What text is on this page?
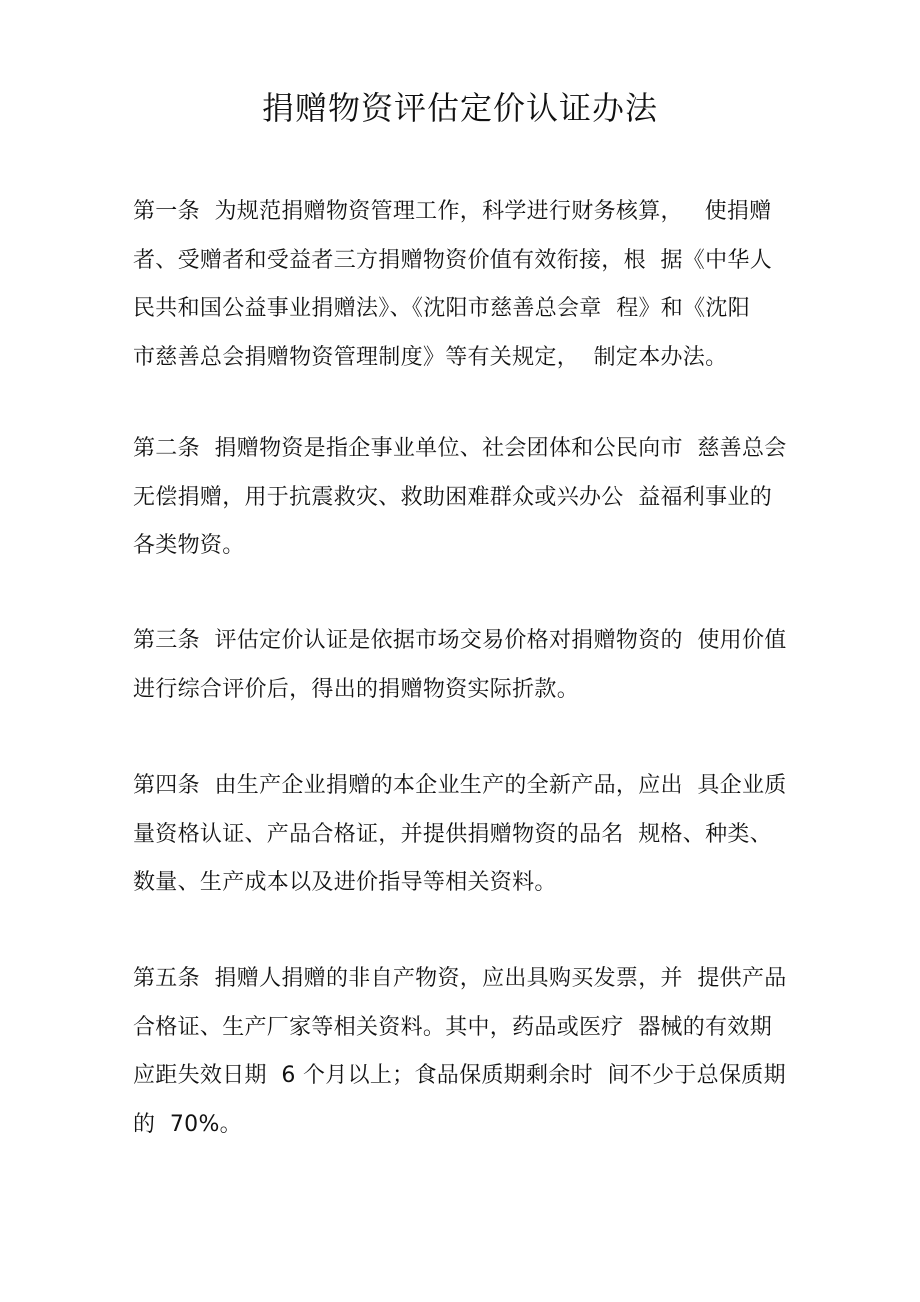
捐赠物资评估定价认证办法

第一条  为规范捐赠物资管理工作，科学进行财务核算，   使捐赠
者、受赠者和受益者三方捐赠物资价值有效衔接，根  据《中华人
民共和国公益事业捐赠法》、《沈阳市慈善总会章  程》和《沈阳
市慈善总会捐赠物资管理制度》等有关规定，  制定本办法。

第二条  捐赠物资是指企事业单位、社会团体和公民向市  慈善总会
无偿捐赠，用于抗震救灾、救助困难群众或兴办公  益福利事业的
各类物资。

第三条  评估定价认证是依据市场交易价格对捐赠物资的  使用价值
进行综合评价后，得出的捐赠物资实际折款。

第四条  由生产企业捐赠的本企业生产的全新产品，应出  具企业质
量资格认证、产品合格证，并提供捐赠物资的品名  规格、种类、
数量、生产成本以及进价指导等相关资料。

第五条  捐赠人捐赠的非自产物资，应出具购买发票，并  提供产品
合格证、生产厂家等相关资料。其中，药品或医疗  器械的有效期
应距失效日期  6 个月以上；食品保质期剩余时  间不少于总保质期
的  70%。
